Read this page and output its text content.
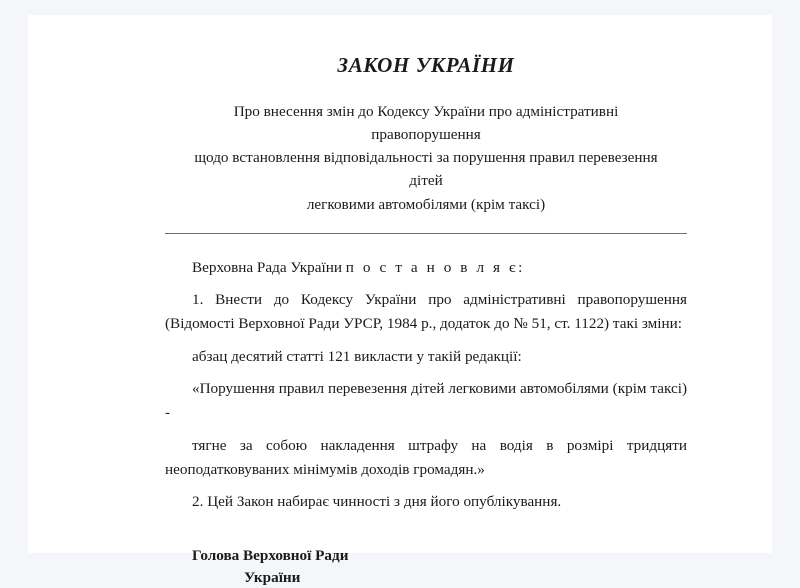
ЗАКОН УКРАЇНИ
Про внесення змін до Кодексу України про адміністративні правопорушення
щодо встановлення відповідальності за порушення правил перевезення дітей
легковими автомобілями (крім таксі)

Верховна Рада України п о с т а н о в л я є:

1. Внести до Кодексу України про адміністративні правопорушення (Відомості Верховної Ради УРСР, 1984 р., додаток до № 51, ст. 1122) такі зміни:

абзац десятий статті 121 викласти у такій редакції:

«Порушення правил перевезення дітей легковими автомобілями (крім таксі) -

тягне за собою накладення штрафу на водія в розмірі тридцяти неоподатковуваних мінімумів доходів громадян.»

2. Цей Закон набирає чинності з дня його опублікування.

Голова Верховної Ради
України
